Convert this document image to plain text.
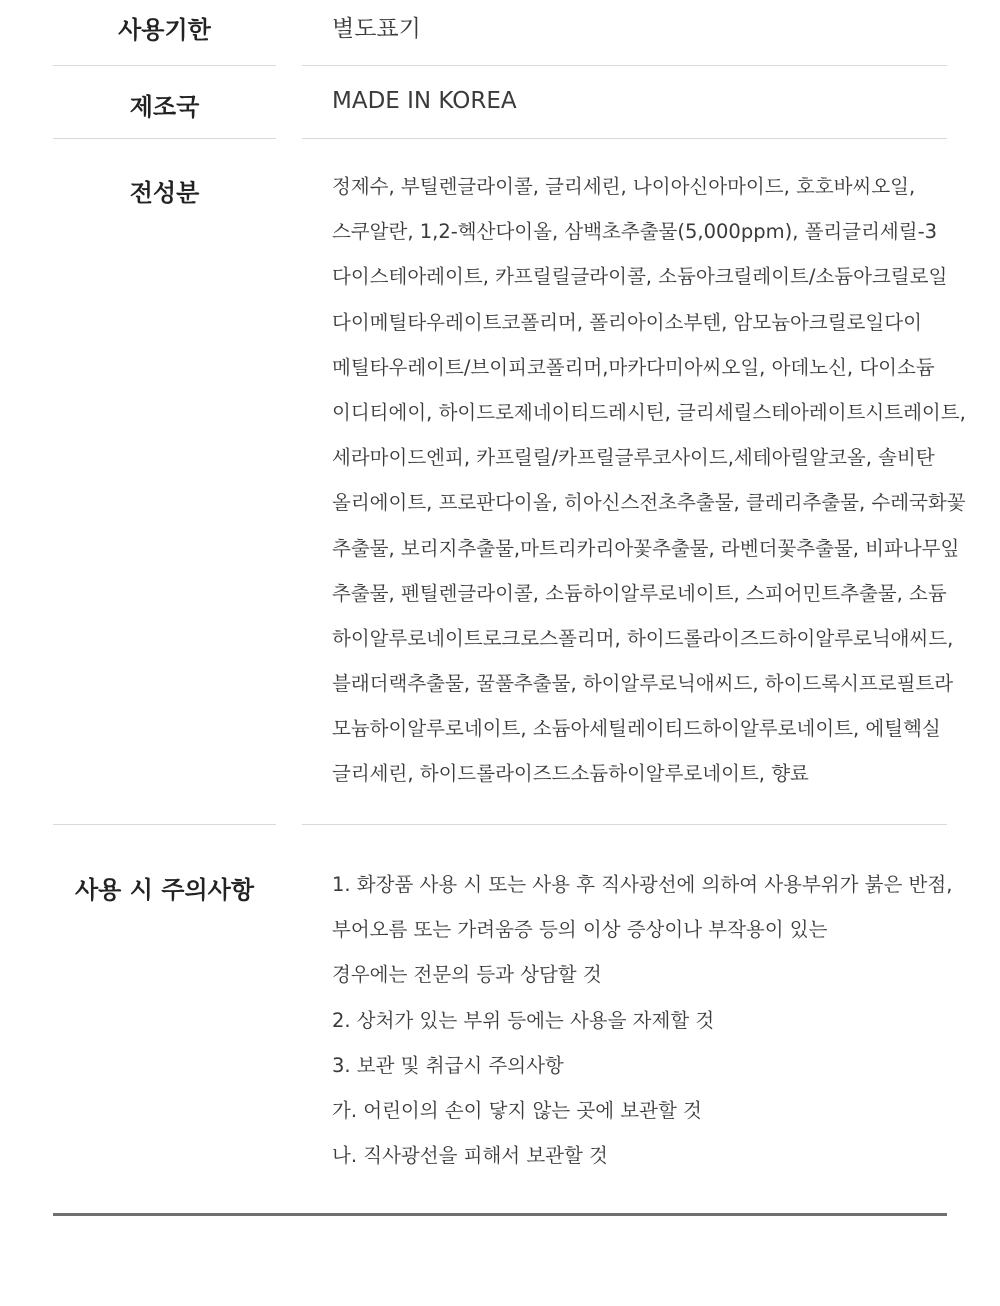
사용기한	별도표기
제조국	MADE IN KOREA
전성분	정제수, 부틸렌글라이콜, 글리세린, 나이아신아마이드, 호호바씨오일,
스쿠알란, 1,2-헥산다이올, 삼백초추출물(5,000ppm), 폴리글리세릴-3
다이스테아레이트, 카프릴릴글라이콜, 소듐아크릴레이트/소듐아크릴로일
다이메틸타우레이트코폴리머, 폴리아이소부텐, 암모늄아크릴로일다이
메틸타우레이트/브이피코폴리머,마카다미아씨오일, 아데노신, 다이소듐
이디티에이, 하이드로제네이티드레시틴, 글리세릴스테아레이트시트레이트,
세라마이드엔피, 카프릴릴/카프릴글루코사이드,세테아릴알코올, 솔비탄
올리에이트, 프로판다이올, 히아신스전초추출물, 클레리추출물, 수레국화꽃
추출물, 보리지추출물,마트리카리아꽃추출물, 라벤더꽃추출물, 비파나무잎
추출물, 펜틸렌글라이콜, 소듐하이알루로네이트, 스피어민트추출물, 소듐
하이알루로네이트로크로스폴리머, 하이드롤라이즈드하이알루로닉애씨드,
블래더랙추출물, 꿀풀추출물, 하이알루로닉애씨드, 하이드록시프로필트라
모늄하이알루로네이트, 소듐아세틸레이티드하이알루로네이트, 에틸헥실
글리세린, 하이드롤라이즈드소듐하이알루로네이트, 향료
사용 시 주의사항	1. 화장품 사용 시 또는 사용 후 직사광선에 의하여 사용부위가 붉은 반점,
부어오름 또는 가려움증 등의 이상 증상이나 부작용이 있는
경우에는 전문의 등과 상담할 것
2. 상처가 있는 부위 등에는 사용을 자제할 것
3. 보관 및 취급시 주의사항
가. 어린이의 손이 닿지 않는 곳에 보관할 것
나. 직사광선을 피해서 보관할 것
